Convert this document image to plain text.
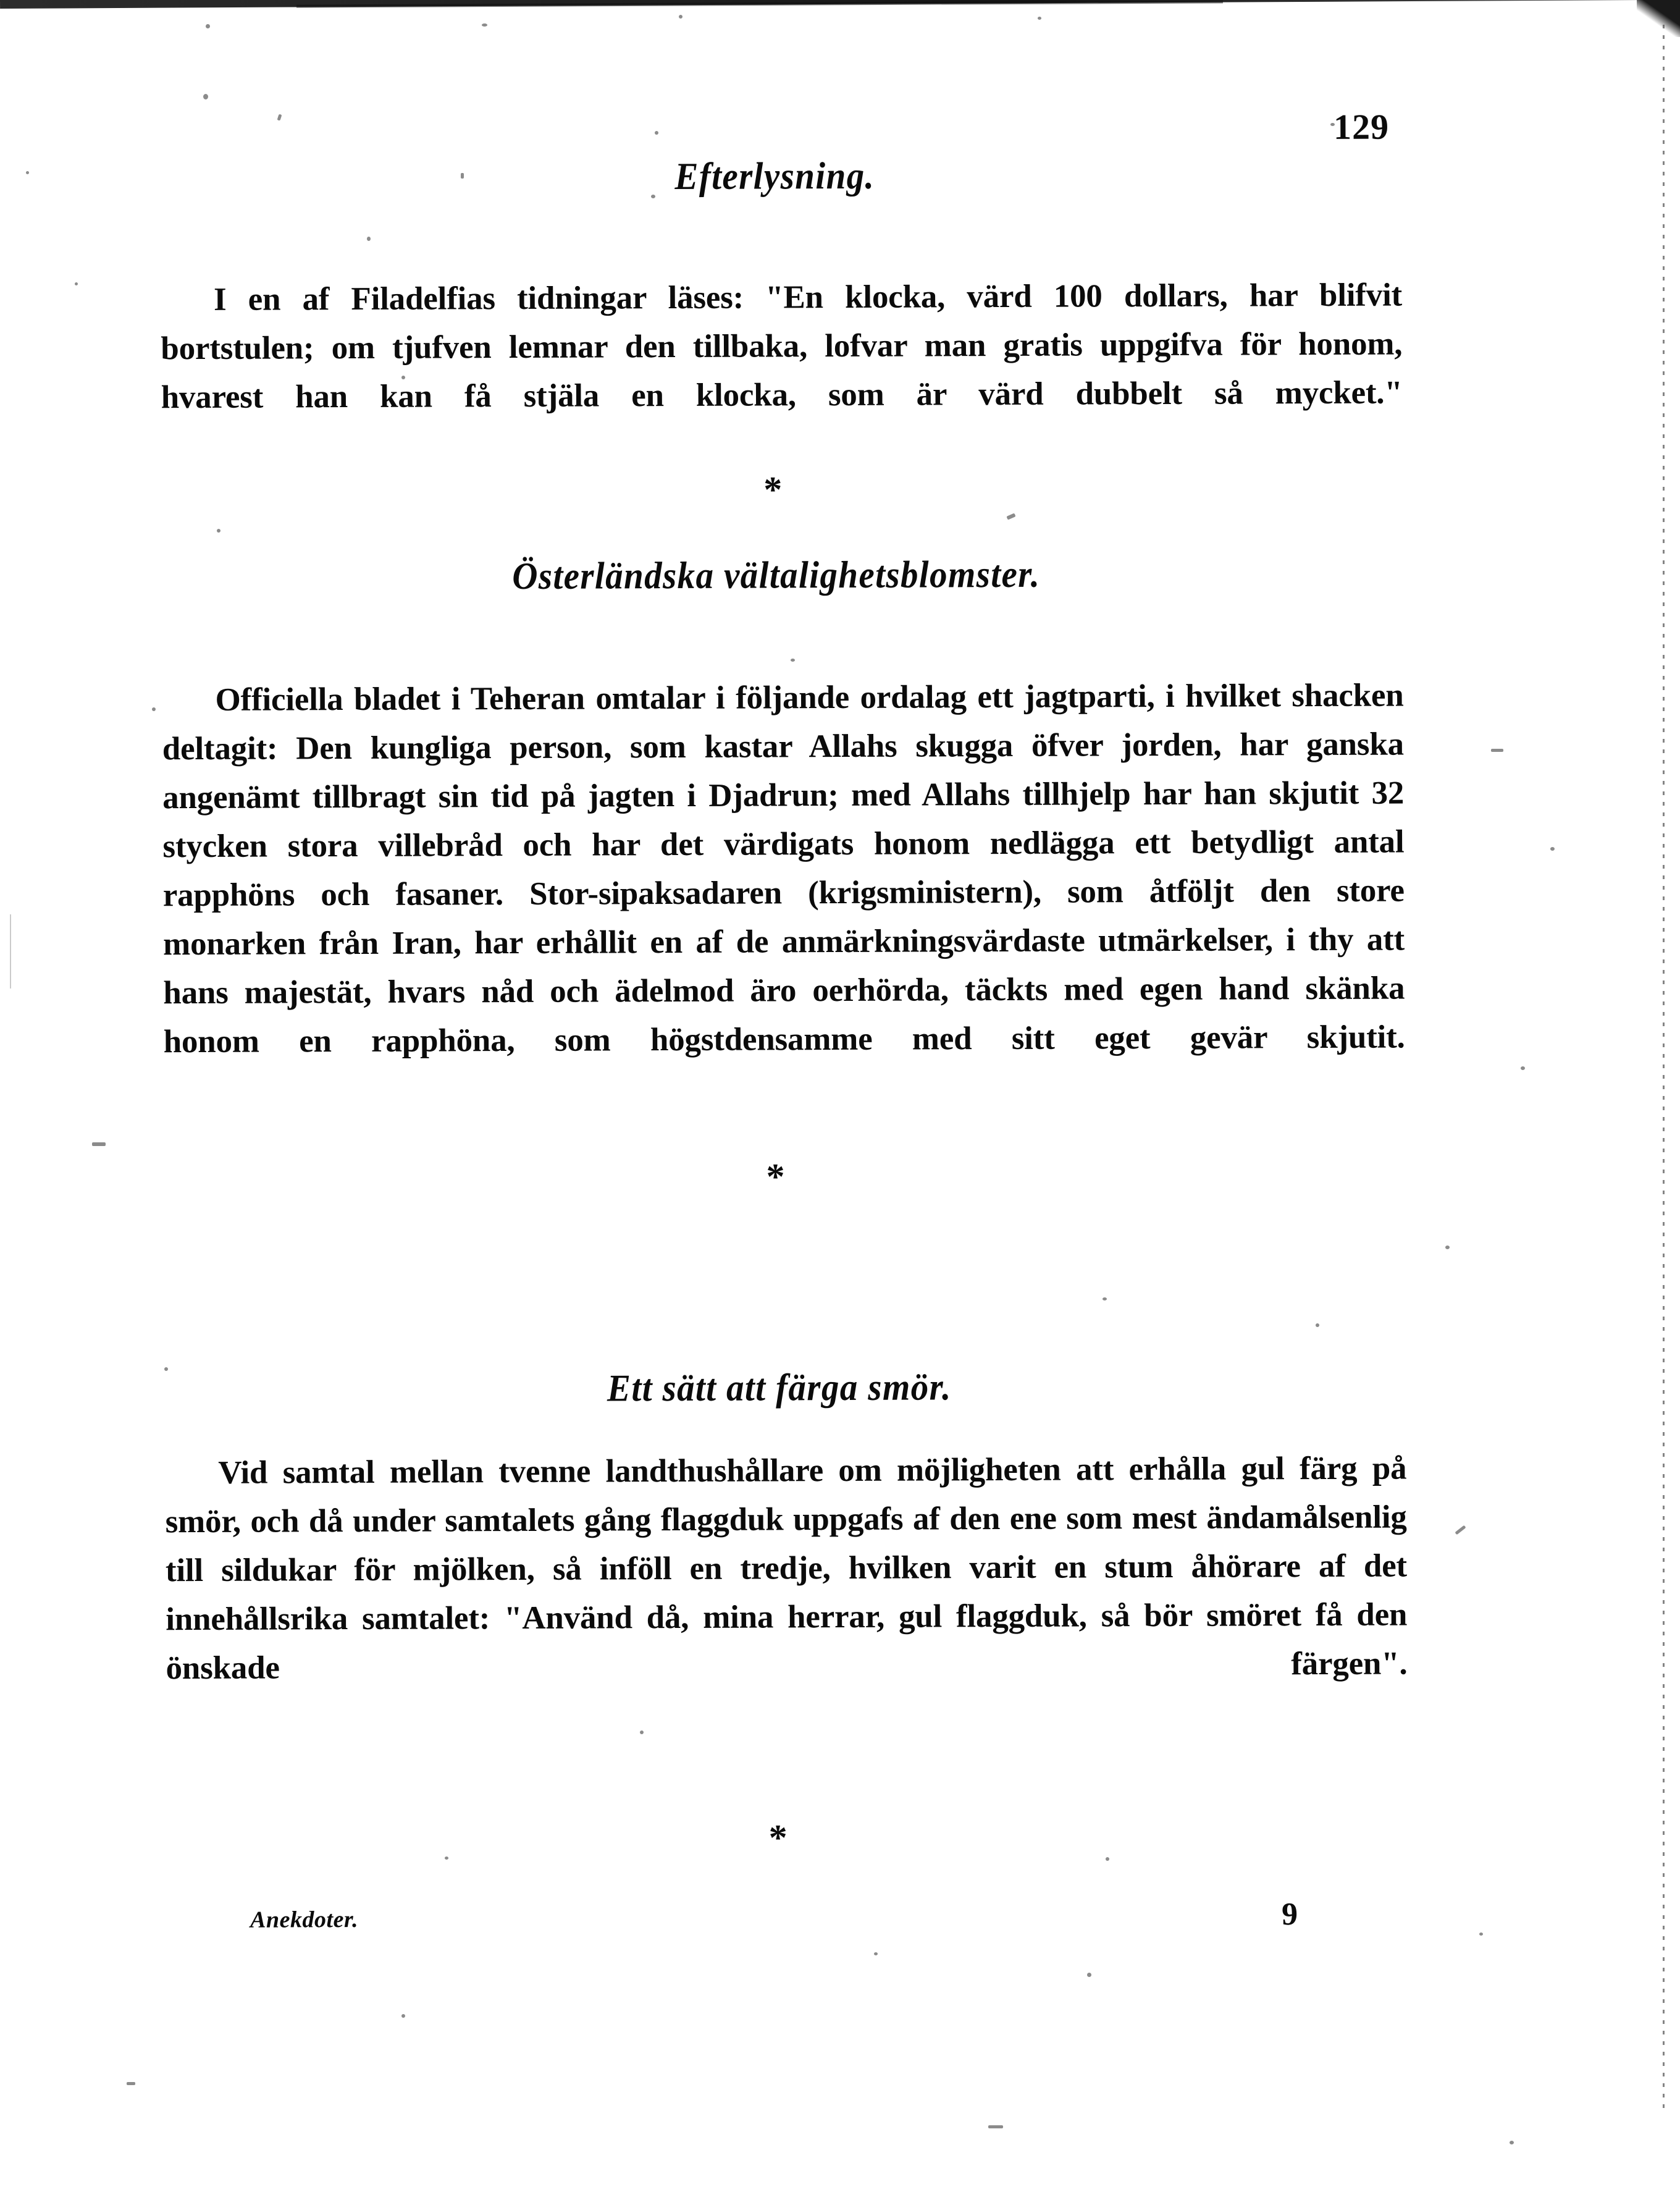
129
Efterlysning.
I en af Filadelfias tidningar läses: "En klocka, värd 100 dollars, har blifvit bortstulen; om tjufven lemnar den tillbaka, lofvar man gratis uppgifva för honom, hvarest han kan få stjäla en klocka, som är värd dubbelt så mycket."
*
Österländska vältalighetsblomster.
Officiella bladet i Teheran omtalar i följande ordalag ett jagtparti, i hvilket shacken deltagit: Den kungliga person, som kastar Allahs skugga öfver jorden, har ganska angenämt tillbragt sin tid på jagten i Djadrun; med Allahs tillhjelp har han skjutit 32 stycken stora villebråd och har det värdigats honom nedlägga ett betydligt antal rapphöns och fasaner. Stor-sipaksadaren (krigsministern), som åtföljt den store monarken från Iran, har erhållit en af de anmärkningsvärdaste utmärkelser, i thy att hans majestät, hvars nåd och ädelmod äro oerhörda, täckts med egen hand skänka honom en rapphöna, som högstdensamme med sitt eget gevär skjutit.
*
Ett sätt att färga smör.
Vid samtal mellan tvenne landthushållare om möjligheten att erhålla gul färg på smör, och då under samtalets gång flaggduk uppgafs af den ene som mest ändamålsenlig till sildukar för mjölken, så inföll en tredje, hvilken varit en stum åhörare af det innehållsrika samtalet: "Använd då, mina herrar, gul flaggduk, så bör smöret få den önskade färgen".
*
Anekdoter.	9
